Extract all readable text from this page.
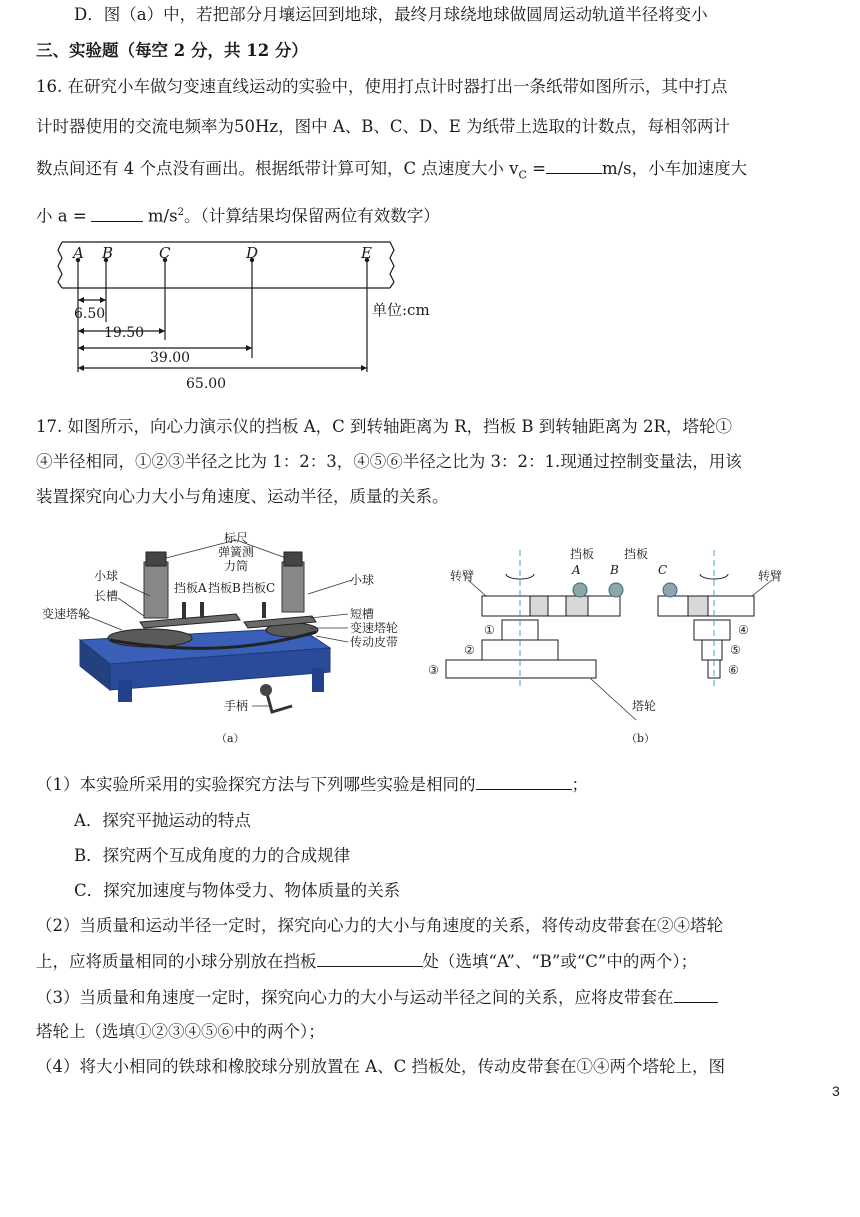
D．图（a）中，若把部分月壤运回到地球，最终月球绕地球做圆周运动轨道半径将变小
三、实验题（每空 2 分，共 12 分）
16. 在研究小车做匀变速直线运动的实验中，使用打点计时器打出一条纸带如图所示，其中打点
计时器使用的交流电频率为50Hz，图中 A、B、C、D、E 为纸带上选取的计数点，每相邻两计
数点间还有 4 个点没有画出。根据纸带计算可知，C 点速度大小 $v_C$ =	m/s，小车加速度大
小 a =	$m/s^2$。（计算结果均保留两位有效数字）
A B	C	D	E
6.50
19.50
39.00
65.00
单位:cm
17. 如图所示，向心力演示仪的挡板 A，C 到转轴距离为 R，挡板 B 到转轴距离为 2R，塔轮①
④半径相同，①②③半径之比为 1：2：3，④⑤⑥半径之比为 3：2：1.现通过控制变量法，用该
装置探究向心力大小与角速度、运动半径，质量的关系。
标尺
弹簧测
力筒
小球
挡板A 挡板B 挡板C
长槽
变速塔轮
小球
短槽
变速塔轮
传动皮带
手柄
（a）
转臂	转臂
挡板 挡板
A B	C
①
②
③
④
⑤
⑥
塔轮
（b）
（1）本实验所采用的实验探究方法与下列哪些实验是相同的	；
A．探究平抛运动的特点
B．探究两个互成角度的力的合成规律
C．探究加速度与物体受力、物体质量的关系
（2）当质量和运动半径一定时，探究向心力的大小与角速度的关系，将传动皮带套在②④塔轮
上，应将质量相同的小球分别放在挡板	处（选填“A”、“B”或“C”中的两个）；
（3）当质量和角速度一定时，探究向心力的大小与运动半径之间的关系，应将皮带套在
塔轮上（选填①②③④⑤⑥中的两个）；
（4）将大小相同的铁球和橡胶球分别放置在 A、C 挡板处，传动皮带套在①④两个塔轮上，图
3
